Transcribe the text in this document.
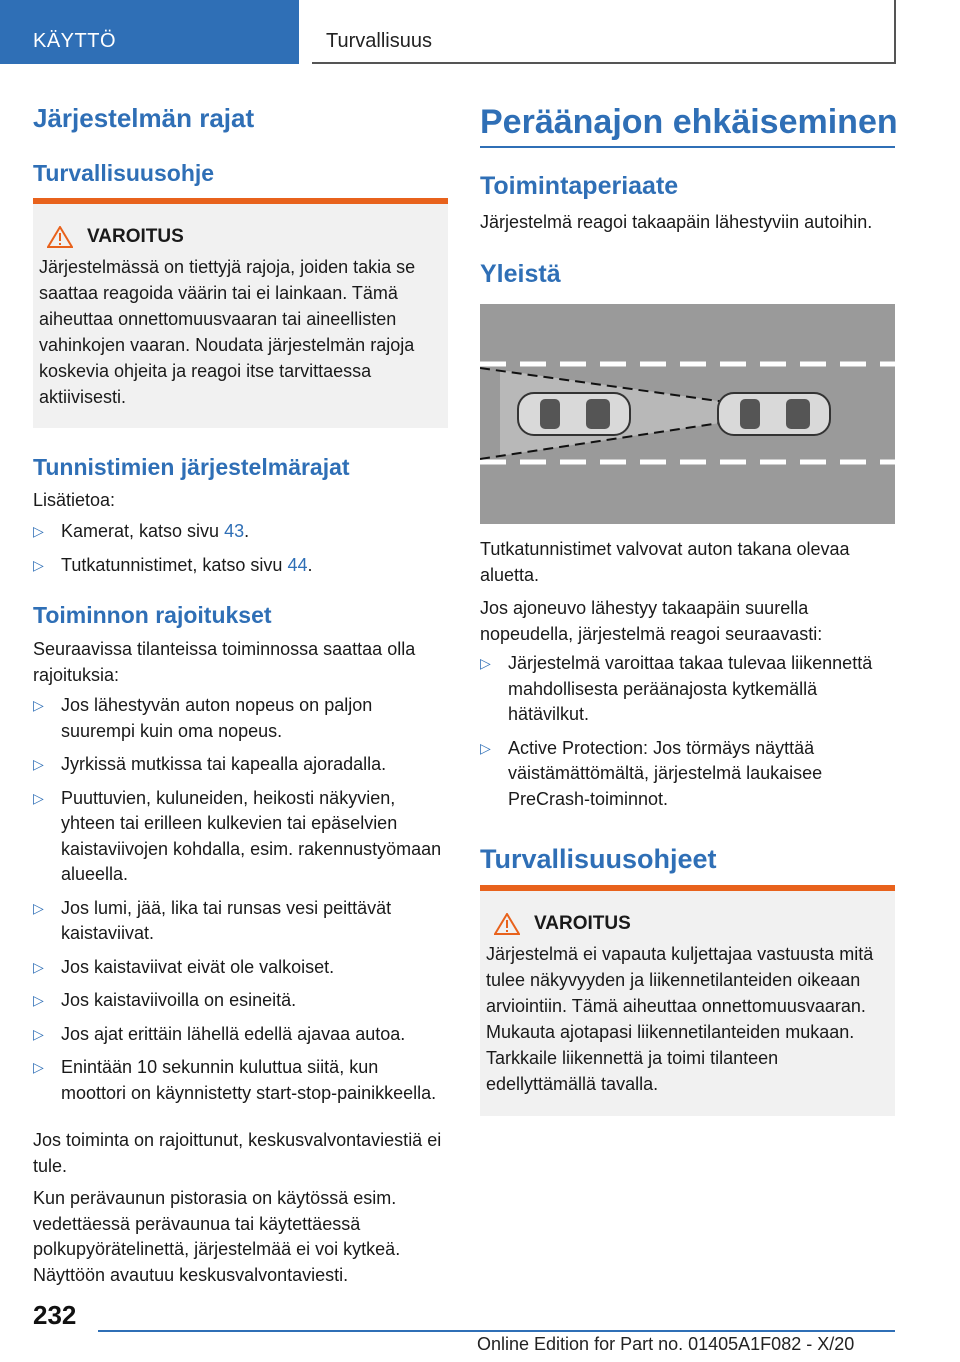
KÄYTTÖ	Turvallisuus
Järjestelmän rajat
Turvallisuusohje
VAROITUS

Järjestelmässä on tiettyjä rajoja, joiden takia se saattaa reagoida väärin tai ei lainkaan. Tämä aiheuttaa onnettomuusvaaran tai aineellisten vahinkojen vaaran. Noudata järjestelmän rajoja koskevia ohjeita ja reagoi itse tarvittaessa aktiivisesti.

Tunnistimien järjestelmärajat

Lisätietoa:

▷ Kamerat, katso sivu 43.
▷ Tutkatunnistimet, katso sivu 44.
Toiminnon rajoitukset

Seuraavissa tilanteissa toiminnossa saattaa olla rajoituksia:

▷ Jos lähestyvän auton nopeus on paljon suurempi kuin oma nopeus.
▷ Jyrkissä mutkissa tai kapealla ajoradalla.
▷ Puuttuvien, kuluneiden, heikosti näkyvien, yhteen tai erilleen kulkevien tai epäselvien kaistaviivojen kohdalla, esim. rakennustyömaan alueella.
▷ Jos lumi, jää, lika tai runsas vesi peittävät kaistaviivat.
▷ Jos kaistaviivat eivät ole valkoiset.
▷ Jos kaistaviivoilla on esineitä.
▷ Jos ajat erittäin lähellä edellä ajavaa autoa.
▷ Enintään 10 sekunnin kuluttua siitä, kun moottori on käynnistetty start-stop-painikkeella.

Jos toiminta on rajoittunut, keskusvalvontaviestiä ei tule.

Kun perävaunun pistorasia on käytössä esim. vedettäessä perävaunua tai käytettäessä polkupyörätelinettä, järjestelmää ei voi kytkeä. Näyttöön avautuu keskusvalvontaviesti.

Peräänajon ehkäiseminen
Toimintaperiaate

Järjestelmä reagoi takaapäin lähestyviin autoihin.

Yleistä

Tutkatunnistimet valvovat auton takana olevaa aluetta.

Jos ajoneuvo lähestyy takaapäin suurella nopeudella, järjestelmä reagoi seuraavasti:

▷ Järjestelmä varoittaa takaa tulevaa liikennettä mahdollisesta peräänajosta kytkemällä hätävilkut.
▷ Active Protection: Jos törmäys näyttää väistämättömältä, järjestelmä laukaisee PreCrash-toiminnot.
Turvallisuusohjeet
VAROITUS

Järjestelmä ei vapauta kuljettajaa vastuusta mitä tulee näkyvyyden ja liikennetilanteiden oikeaan arviointiin. Tämä aiheuttaa onnettomuusvaaran. Mukauta ajotapasi liikennetilanteiden mukaan. Tarkkaile liikennettä ja toimi tilanteen edellyttämällä tavalla.

232
Online Edition for Part no. 01405A1F082 - X/20
